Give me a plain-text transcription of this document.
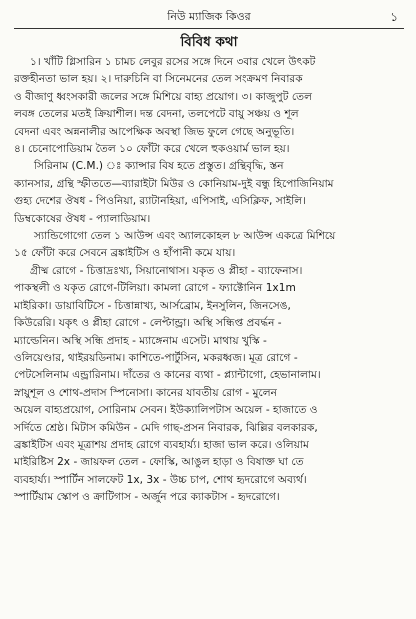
নিউ ম্যাজিক কিওর	১
বিবিধ কথা

১। খাঁটি গ্লিসারিন ১ চামচ লেবুর রসের সঙ্গে দিনে ৩বার খেলে উৎকট
রক্তহীনতা ভাল হয়। ২। দারুচিনি বা সিনেমনের তেল সংক্রমণ নিবারক
ও বীজাণু ধ্বংসকারী জলের সঙ্গে মিশিয়ে বাহ্য প্রয়োগ। ৩। কাজুপুট তেল
লবঙ্গ তেলের মতই ক্রিয়াশীল। দন্ত বেদনা, তলপেটে বায়ু সঞ্চয় ও শূল
বেদনা এবং অন্ননালীর আপেক্ষিক অবস্থা জিভ ফুলে গেছে অনুভূতি।
৪। চেনোপোডিয়াম তৈল ১০ ফোঁটা করে খেলে হুকওয়ার্ম ভাল হয়।

সিরিনাম (C.M.) ঃ ক্যান্সার বিষ হতে প্রস্তুত। গ্রন্থিবৃদ্ধি, স্তন
ক্যানসার, গ্রন্থি স্ফীততে—ব্যারাইটা মিউর ও কোনিয়াম-দুই বন্ধু হিপোজিনিয়াম
গুহ্য দেশের ঔষধ - পিওনিয়া, র‍্যাটানহিয়া, এপিসাই, এসিক্লিফ, সাইলি।
ডিম্বকোষের ঔষধ - প্যালাডিয়াম।

স্যান্ডিগোগো তেল ১ আউন্স এবং অ্যালকোহল ৮ আউন্স একত্রে মিশিয়ে
১৫ ফোঁটা করে সেবনে ব্রঙ্কাইটিস ও হাঁপানী কমে যায়।

গ্রীষ্ম রোগে - চিত্তাদ্রঃখ্য, সিয়ানোথাস। যকৃত ও প্লীহা - ব্যাফেনাস।
পাকস্থলী ও যকৃত রোগে-টিলিয়া। কামলা রোগে - ফ্যাক্টোনিন 1x1m
মাইরিকা। ডায়াবিটিসে - চিত্তান্নাখ্য, আর্সব্রোম, ইনসুলিন, জিনসেঙ,
কিউরেরি। যকৃৎ ও প্লীহা রোগে - লেপ্টান্ড্রা। অস্থি সন্ধিপ্ত প্রবর্দ্ধন -
ম্যাল্ডেনিন। অস্থি সন্ধি প্রদাহ - ম্যাঙ্গেনাম এসেট। মাথায় খুস্কি -
ওলিয়েণ্ডার, থাইরয়ডিনাম। কাশিতে-পার্টুসিন, মকরধ্বজ। মূত্র রোগে -
পেটসেলিনাম এন্ড্রারিনাম। দাঁতের ও কানের ব্যথা - প্ল্যান্টাগো, হেভানালাম।
স্নায়ুশূল ও শোথ-প্রদাস স্পিনোসা। কানের যাবতীয় রোগ - মুলেন
অয়েল বাহ্যপ্রয়োগ, সোরিনাম সেবন। ইউক্যালিপটাস অয়েল - হাজাতে ও
সর্দিতে শ্রেষ্ঠ। মিটাস কমিউন - মেদি গাছ-প্রসন নিবারক, ঝিল্লির বলকারক,
ব্রঙ্কাইটিস এবং মূত্রাশয় প্রদাহ রোগে ব্যবহার্য্য। হাজা ভাল করে। ওলিয়াম
মাইরিষ্টিস 2x - জায়ফল তেল - ফোস্কি, আঙুল হাড়া ও বিষাক্ত ঘা তে
ব্যবহার্য্য। স্পার্টিন সালফেট 1x, 3x - উচ্চ চাপ, শোথ হৃদরোগে অব্যর্থ।
স্পার্টিয়াম স্কোপ ও ক্রাটিগাস - অর্জুন পরে ক্যাকটাস - হৃদরোগে।
